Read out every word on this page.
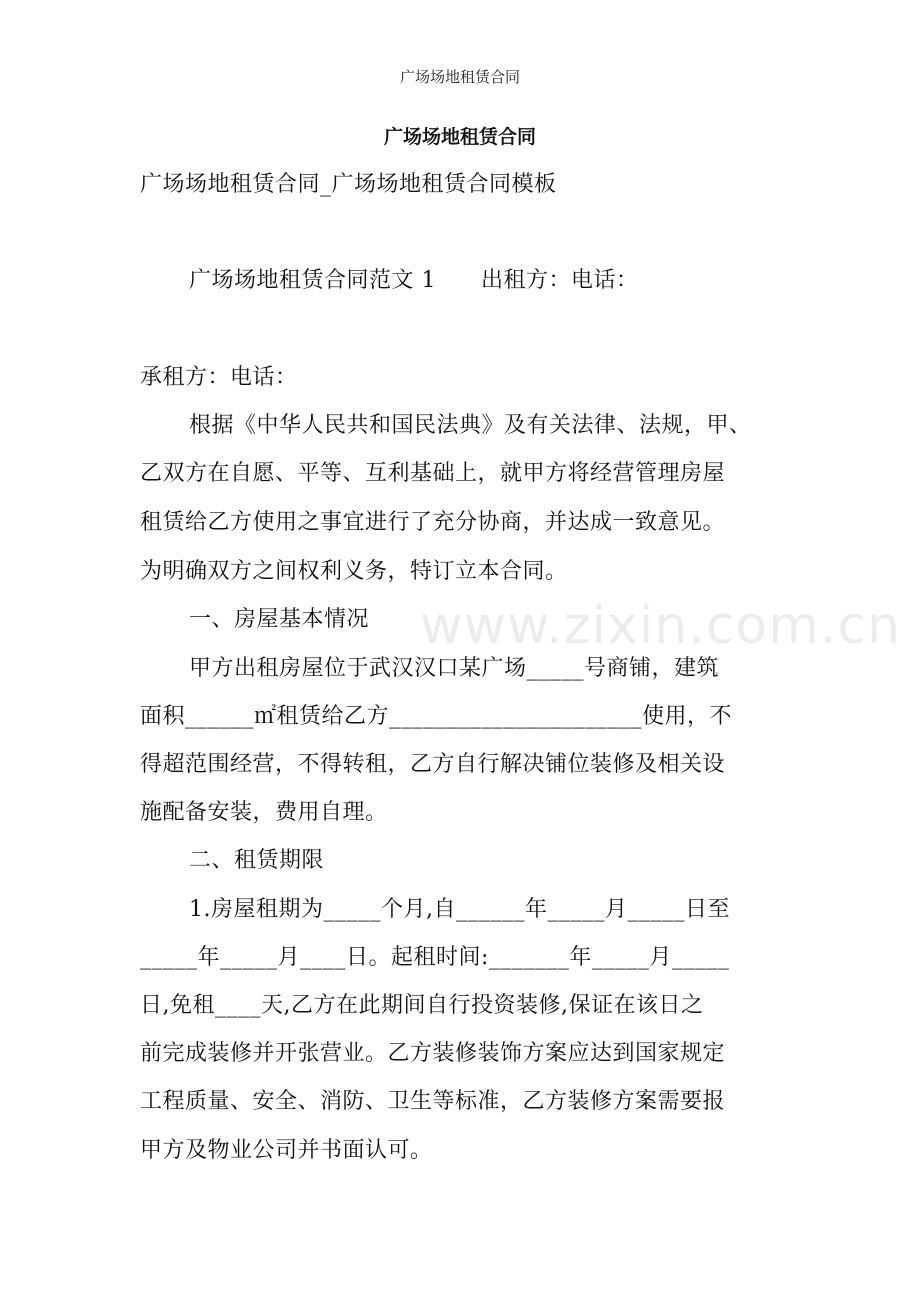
广场场地租赁合同
广场场地租赁合同
广场场地租赁合同_广场场地租赁合同模板
广场场地租赁合同范文 1　　出租方：电话：
承租方：电话：
根据《中华人民共和国民法典》及有关法律、法规，甲、
乙双方在自愿、平等、互利基础上，就甲方将经营管理房屋
租赁给乙方使用之事宜进行了充分协商，并达成一致意见。
为明确双方之间权利义务，特订立本合同。
一、房屋基本情况
甲方出租房屋位于武汉汉口某广场_____号商铺，建筑
面积______㎡租赁给乙方______________________使用，不
得超范围经营，不得转租，乙方自行解决铺位装修及相关设
施配备安装，费用自理。
二、租赁期限
1.房屋租期为_____个月,自______年_____月_____日至
_____年_____月____日。起租时间:_______年_____月_____
日,免租____天,乙方在此期间自行投资装修,保证在该日之
前完成装修并开张营业。乙方装修装饰方案应达到国家规定
工程质量、安全、消防、卫生等标准，乙方装修方案需要报
甲方及物业公司并书面认可。
www.zixin.com.cn
